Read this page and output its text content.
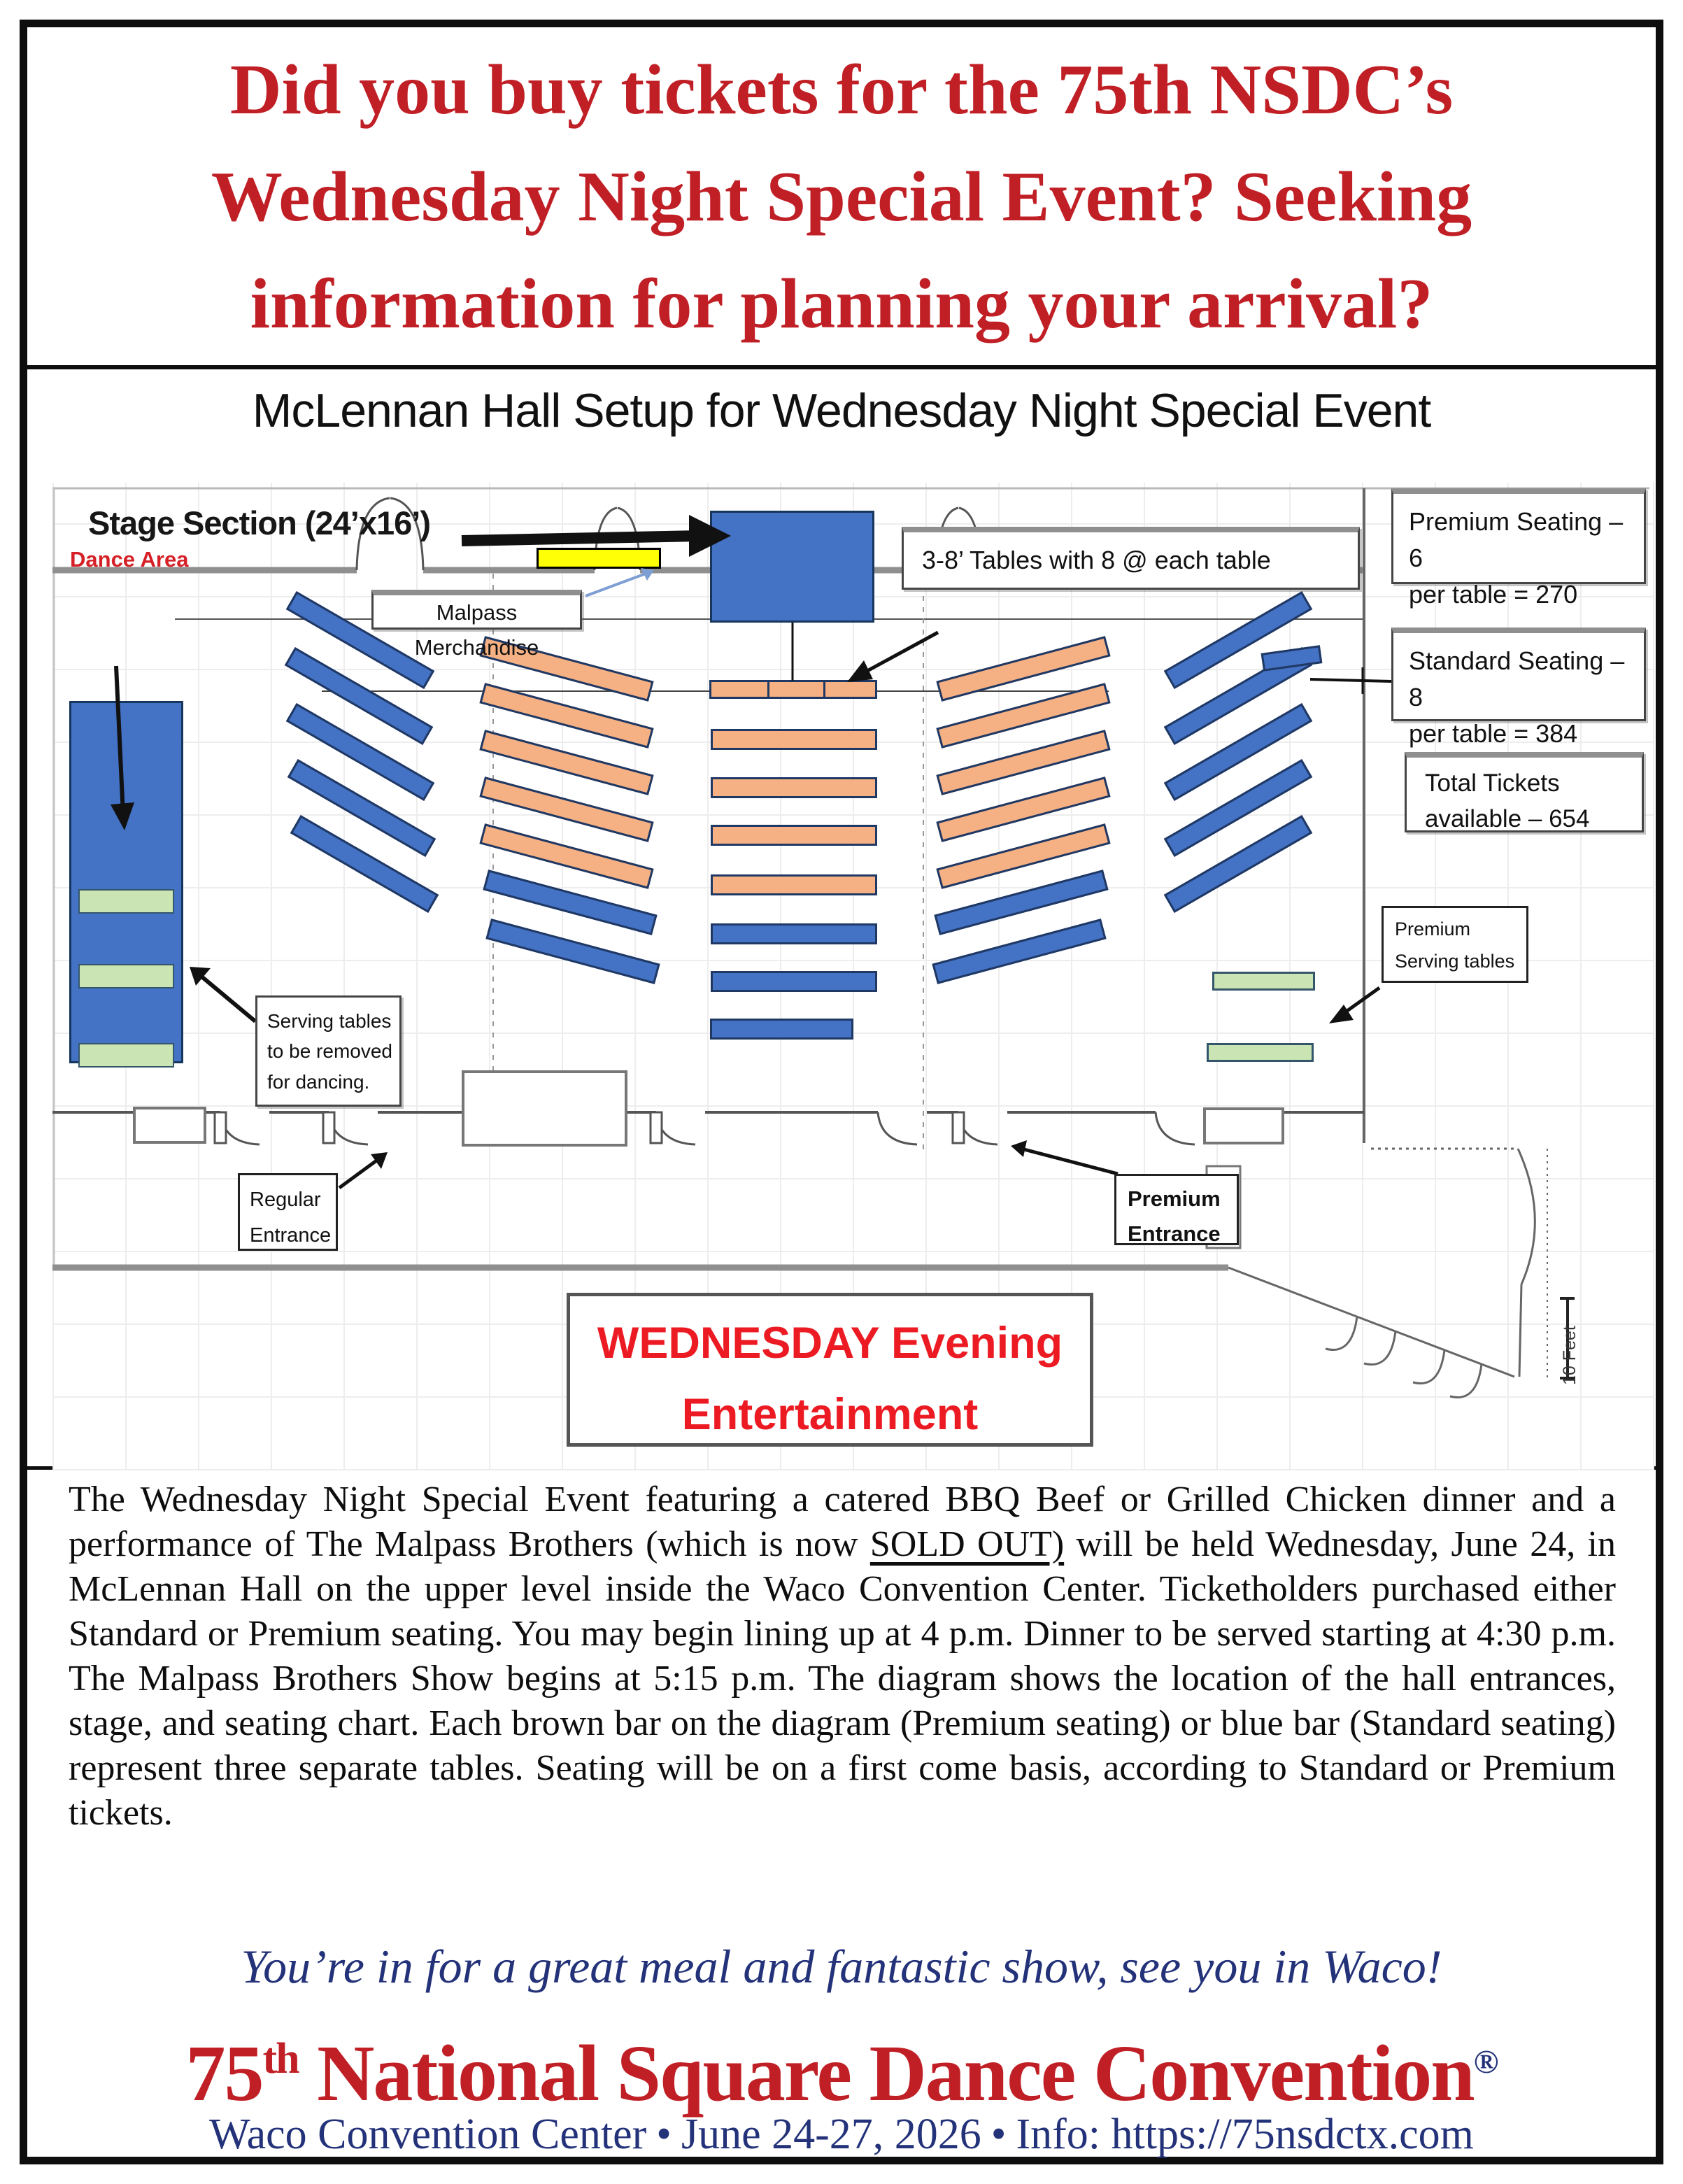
Did you buy tickets for the 75th NSDC’s
Wednesday Night Special Event? Seeking
information for planning your arrival?
McLennan Hall Setup for Wednesday Night Special Event
Stage Section (24’x16’)
Dance Area
Malpass Merchandise
3-8’ Tables with 8 @ each table
Premium Seating – 6
per table = 270
Standard Seating – 8
per table = 384
Total Tickets
available – 654
Premium
Serving tables
Serving tables
to be removed
for dancing.
Regular
Entrance
Premium
Entrance
WEDNESDAY Evening
Entertainment
10 Feet
The Wednesday Night Special Event featuring a catered BBQ Beef or Grilled Chicken dinner and a performance of The Malpass Brothers (which is now SOLD OUT) will be held Wednesday, June 24, in McLennan Hall on the upper level inside the Waco Convention Center. Ticketholders purchased either Standard or Premium seating. You may begin lining up at 4 p.m. Dinner to be served starting at 4:30 p.m. The Malpass Brothers Show begins at 5:15 p.m. The diagram shows the location of the hall entrances, stage, and seating chart. Each brown bar on the diagram (Premium seating) or blue bar (Standard seating) represent three separate tables. Seating will be on a first come basis, according to Standard or Premium tickets.
You’re in for a great meal and fantastic show, see you in Waco!
75th National Square Dance Convention®
Waco Convention Center • June 24-27, 2026 • Info: https://75nsdctx.com
